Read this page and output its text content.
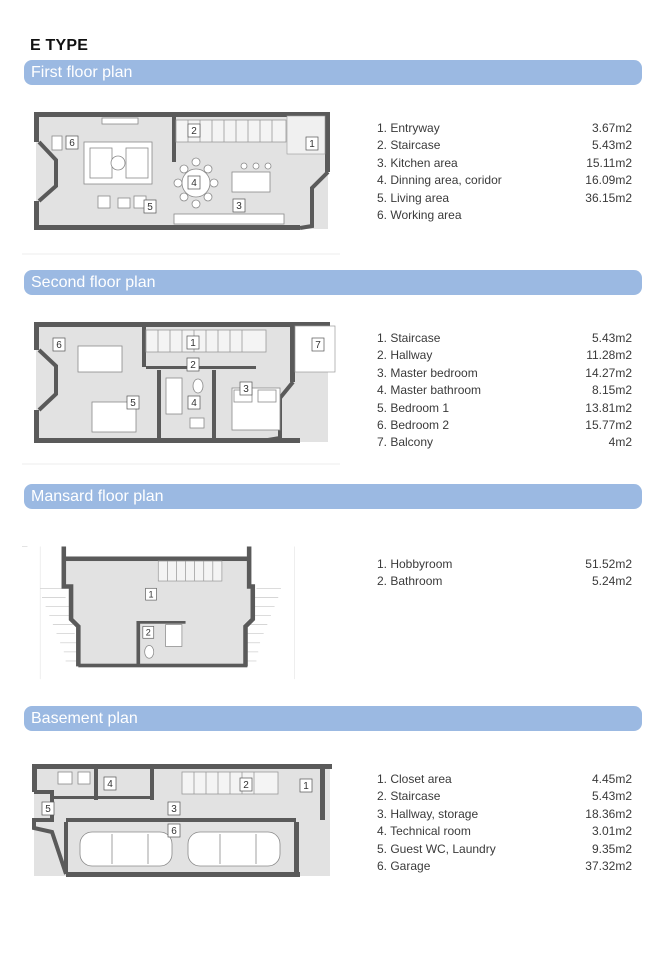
E TYPE
First floor plan
1
2
3
4
5
6
1. Entryway	3.67m2
2. Staircase	5.43m2
3. Kitchen area	15.11m2
4. Dinning area, coridor	16.09m2
5. Living area	36.15m2
6. Working area
Second floor plan
1
2
3
4
5
6	7
1. Staircase	5.43m2
2. Hallway	11.28m2
3. Master bedroom	14.27m2
4. Master bathroom	8.15m2
5. Bedroom 1	13.81m2
6. Bedroom 2	15.77m2
7. Balcony	4m2
Mansard floor plan
1
2
1. Hobbyroom	51.52m2
2. Bathroom	5.24m2
Basement plan
1
2
3
4
5
6
1. Closet area	4.45m2
2. Staircase	5.43m2
3. Hallway, storage	18.36m2
4. Technical room	3.01m2
5. Guest WC, Laundry	9.35m2
6. Garage	37.32m2
